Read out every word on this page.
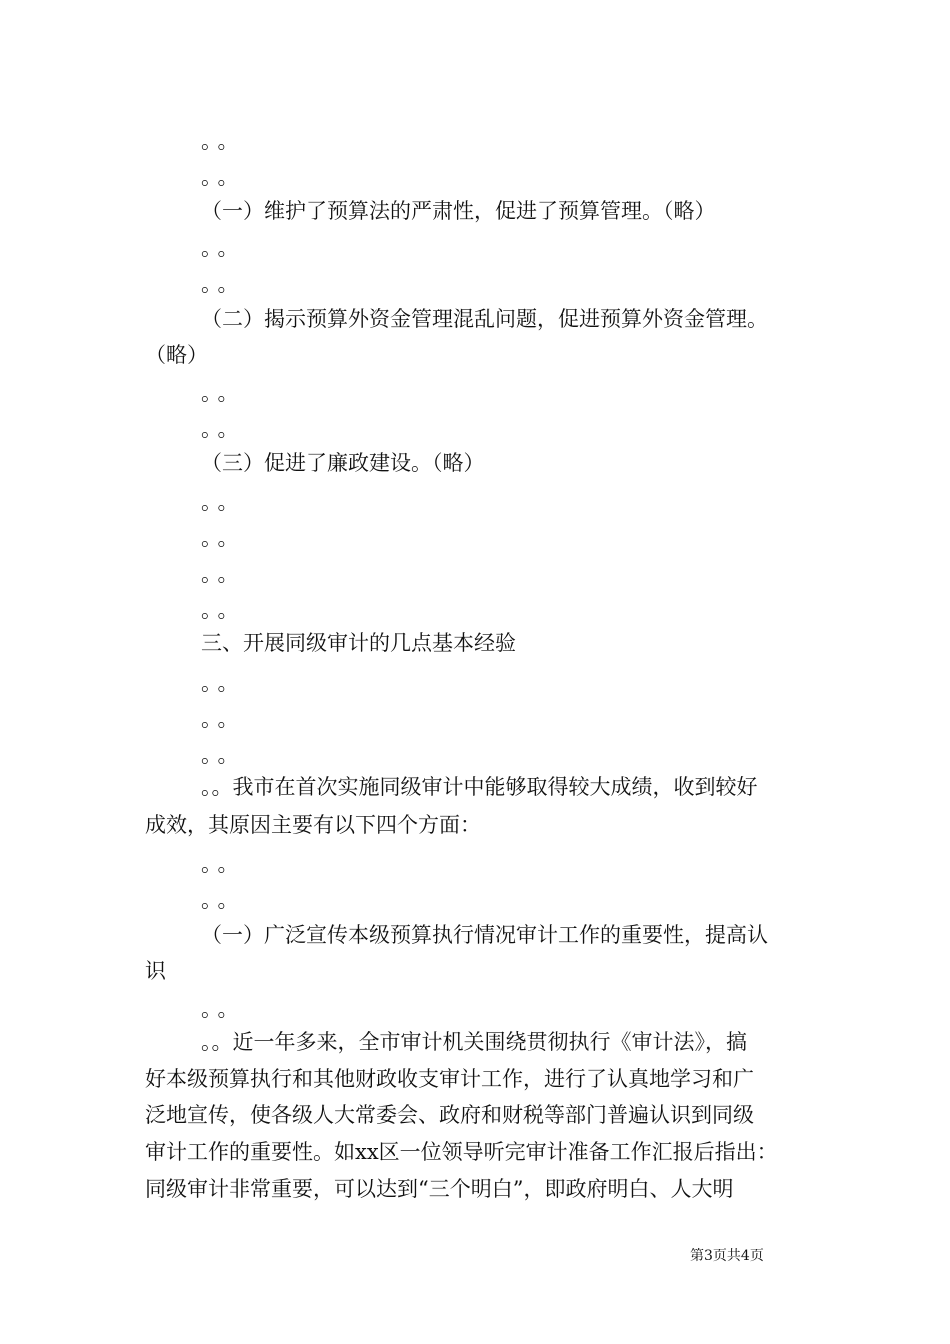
。。
。。
（一）维护了预算法的严肃性，促进了预算管理。（略）
。。
。。
（二）揭示预算外资金管理混乱问题，促进预算外资金管理。
（略）
。。
。。
（三）促进了廉政建设。（略）
。。
。。
。。
。。
三、开展同级审计的几点基本经验
。。
。。
。。
。。我市在首次实施同级审计中能够取得较大成绩，收到较好
成效，其原因主要有以下四个方面：
。。
。。
（一）广泛宣传本级预算执行情况审计工作的重要性，提高认
识
。。
。。近一年多来，全市审计机关围绕贯彻执行《审计法》，搞
好本级预算执行和其他财政收支审计工作，进行了认真地学习和广
泛地宣传，使各级人大常委会、政府和财税等部门普遍认识到同级
审计工作的重要性。如xx区一位领导听完审计准备工作汇报后指出：
同级审计非常重要，可以达到“三个明白”，即政府明白、人大明
第3页共4页
